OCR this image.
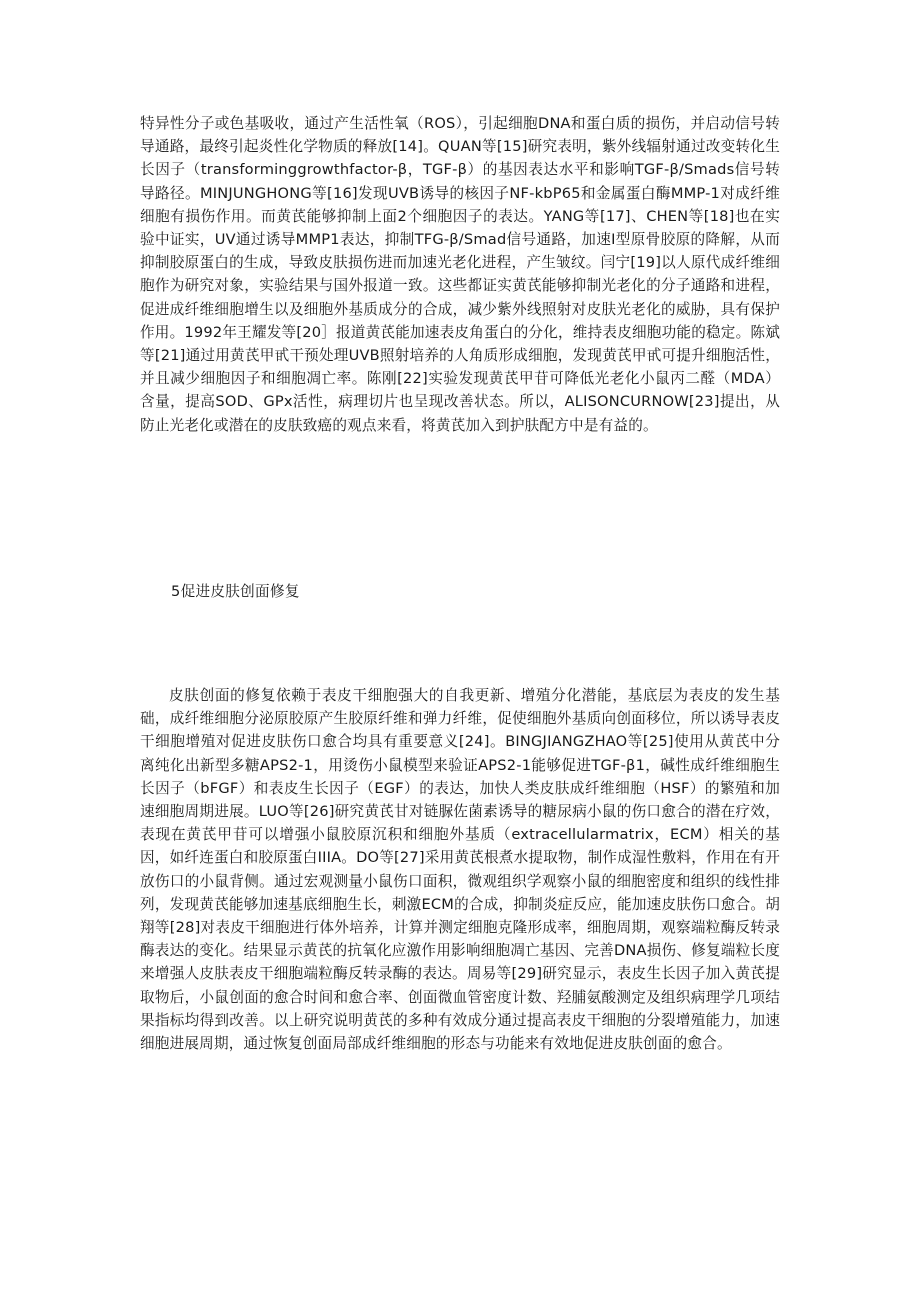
特异性分子或色基吸收，通过产生活性氧（ROS），引起细胞DNA和蛋白质的损伤，并启动信号转导通路，最终引起炎性化学物质的释放[14]。QUAN等[15]研究表明，紫外线辐射通过改变转化生长因子（transforminggrowthfactor-β，TGF-β）的基因表达水平和影响TGF-β/Smads信号转导路径。MINJUNGHONG等[16]发现UVB诱导的核因子NF-kbP65和金属蛋白酶MMP-1对成纤维细胞有损伤作用。而黄芪能够抑制上面2个细胞因子的表达。YANG等[17]、CHEN等[18]也在实验中证实，UV通过诱导MMP1表达，抑制TFG-β/Smad信号通路，加速I型原骨胶原的降解，从而抑制胶原蛋白的生成，导致皮肤损伤进而加速光老化进程，产生皱纹。闫宁[19]以人原代成纤维细胞作为研究对象，实验结果与国外报道一致。这些都证实黄芪能够抑制光老化的分子通路和进程，促进成纤维细胞增生以及细胞外基质成分的合成，减少紫外线照射对皮肤光老化的威胁，具有保护作用。1992年王耀发等[20］报道黄芪能加速表皮角蛋白的分化，维持表皮细胞功能的稳定。陈斌等[21]通过用黄芪甲甙干预处理UVB照射培养的人角质形成细胞，发现黄芪甲甙可提升细胞活性，并且减少细胞因子和细胞凋亡率。陈刚[22]实验发现黄芪甲苷可降低光老化小鼠丙二醛（MDA）含量，提高SOD、GPx活性，病理切片也呈现改善状态。所以，ALISONCURNOW[23]提出，从防止光老化或潜在的皮肤致癌的观点来看，将黄芪加入到护肤配方中是有益的。

5促进皮肤创面修复

皮肤创面的修复依赖于表皮干细胞强大的自我更新、增殖分化潜能，基底层为表皮的发生基础，成纤维细胞分泌原胶原产生胶原纤维和弹力纤维，促使细胞外基质向创面移位，所以诱导表皮干细胞增殖对促进皮肤伤口愈合均具有重要意义[24]。BINGJIANGZHAO等[25]使用从黄芪中分离纯化出新型多糖APS2-1，用烫伤小鼠模型来验证APS2-1能够促进TGF-β1，碱性成纤维细胞生长因子（bFGF）和表皮生长因子（EGF）的表达，加快人类皮肤成纤维细胞（HSF）的繁殖和加速细胞周期进展。LUO等[26]研究黄芪甘对链脲佐菌素诱导的糖尿病小鼠的伤口愈合的潜在疗效，表现在黄芪甲苷可以增强小鼠胶原沉积和细胞外基质（extracellularmatrix，ECM）相关的基因，如纤连蛋白和胶原蛋白IIIA。DO等[27]采用黄芪根煮水提取物，制作成湿性敷料，作用在有开放伤口的小鼠背侧。通过宏观测量小鼠伤口面积，微观组织学观察小鼠的细胞密度和组织的线性排列，发现黄芪能够加速基底细胞生长，刺激ECM的合成，抑制炎症反应，能加速皮肤伤口愈合。胡翔等[28]对表皮干细胞进行体外培养，计算并测定细胞克隆形成率，细胞周期，观察端粒酶反转录酶表达的变化。结果显示黄芪的抗氧化应激作用影响细胞凋亡基因、完善DNA损伤、修复端粒长度来增强人皮肤表皮干细胞端粒酶反转录酶的表达。周易等[29]研究显示，表皮生长因子加入黄芪提取物后，小鼠创面的愈合时间和愈合率、创面微血管密度计数、羟脯氨酸测定及组织病理学几项结果指标均得到改善。以上研究说明黄芪的多种有效成分通过提高表皮干细胞的分裂增殖能力，加速细胞进展周期，通过恢复创面局部成纤维细胞的形态与功能来有效地促进皮肤创面的愈合。
